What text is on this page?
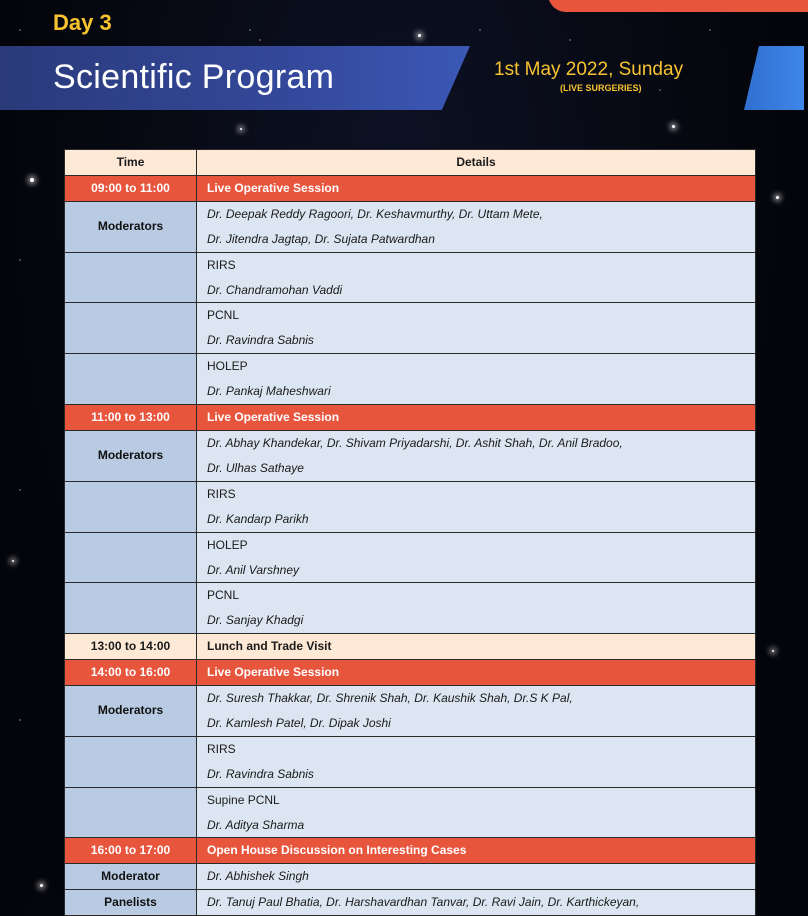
Day 3
Scientific Program	1st May 2022, Sunday
(LIVE SURGERIES)
Time	Details
09:00 to 11:00	Live Operative Session
Moderators	Dr. Deepak Reddy Ragoori, Dr. Keshavmurthy, Dr. Uttam Mete,
	Dr. Jitendra Jagtap, Dr. Sujata Patwardhan
	RIRS
	Dr. Chandramohan Vaddi
	PCNL
	Dr. Ravindra Sabnis
	HOLEP
	Dr. Pankaj Maheshwari
11:00 to 13:00	Live Operative Session
Moderators	Dr. Abhay Khandekar, Dr. Shivam Priyadarshi, Dr. Ashit Shah, Dr. Anil Bradoo,
	Dr. Ulhas Sathaye
	RIRS
	Dr. Kandarp Parikh
	HOLEP
	Dr. Anil Varshney
	PCNL
	Dr. Sanjay Khadgi
13:00 to 14:00	Lunch and Trade Visit
14:00 to 16:00	Live Operative Session
Moderators	Dr. Suresh Thakkar, Dr. Shrenik Shah, Dr. Kaushik Shah, Dr.S K Pal,
	Dr. Kamlesh Patel, Dr. Dipak Joshi
	RIRS
	Dr. Ravindra Sabnis
	Supine PCNL
	Dr. Aditya Sharma
16:00 to 17:00	Open House Discussion on Interesting Cases
Moderator	Dr. Abhishek Singh
Panelists	Dr. Tanuj Paul Bhatia, Dr. Harshavardhan Tanvar, Dr. Ravi Jain, Dr. Karthickeyan,
